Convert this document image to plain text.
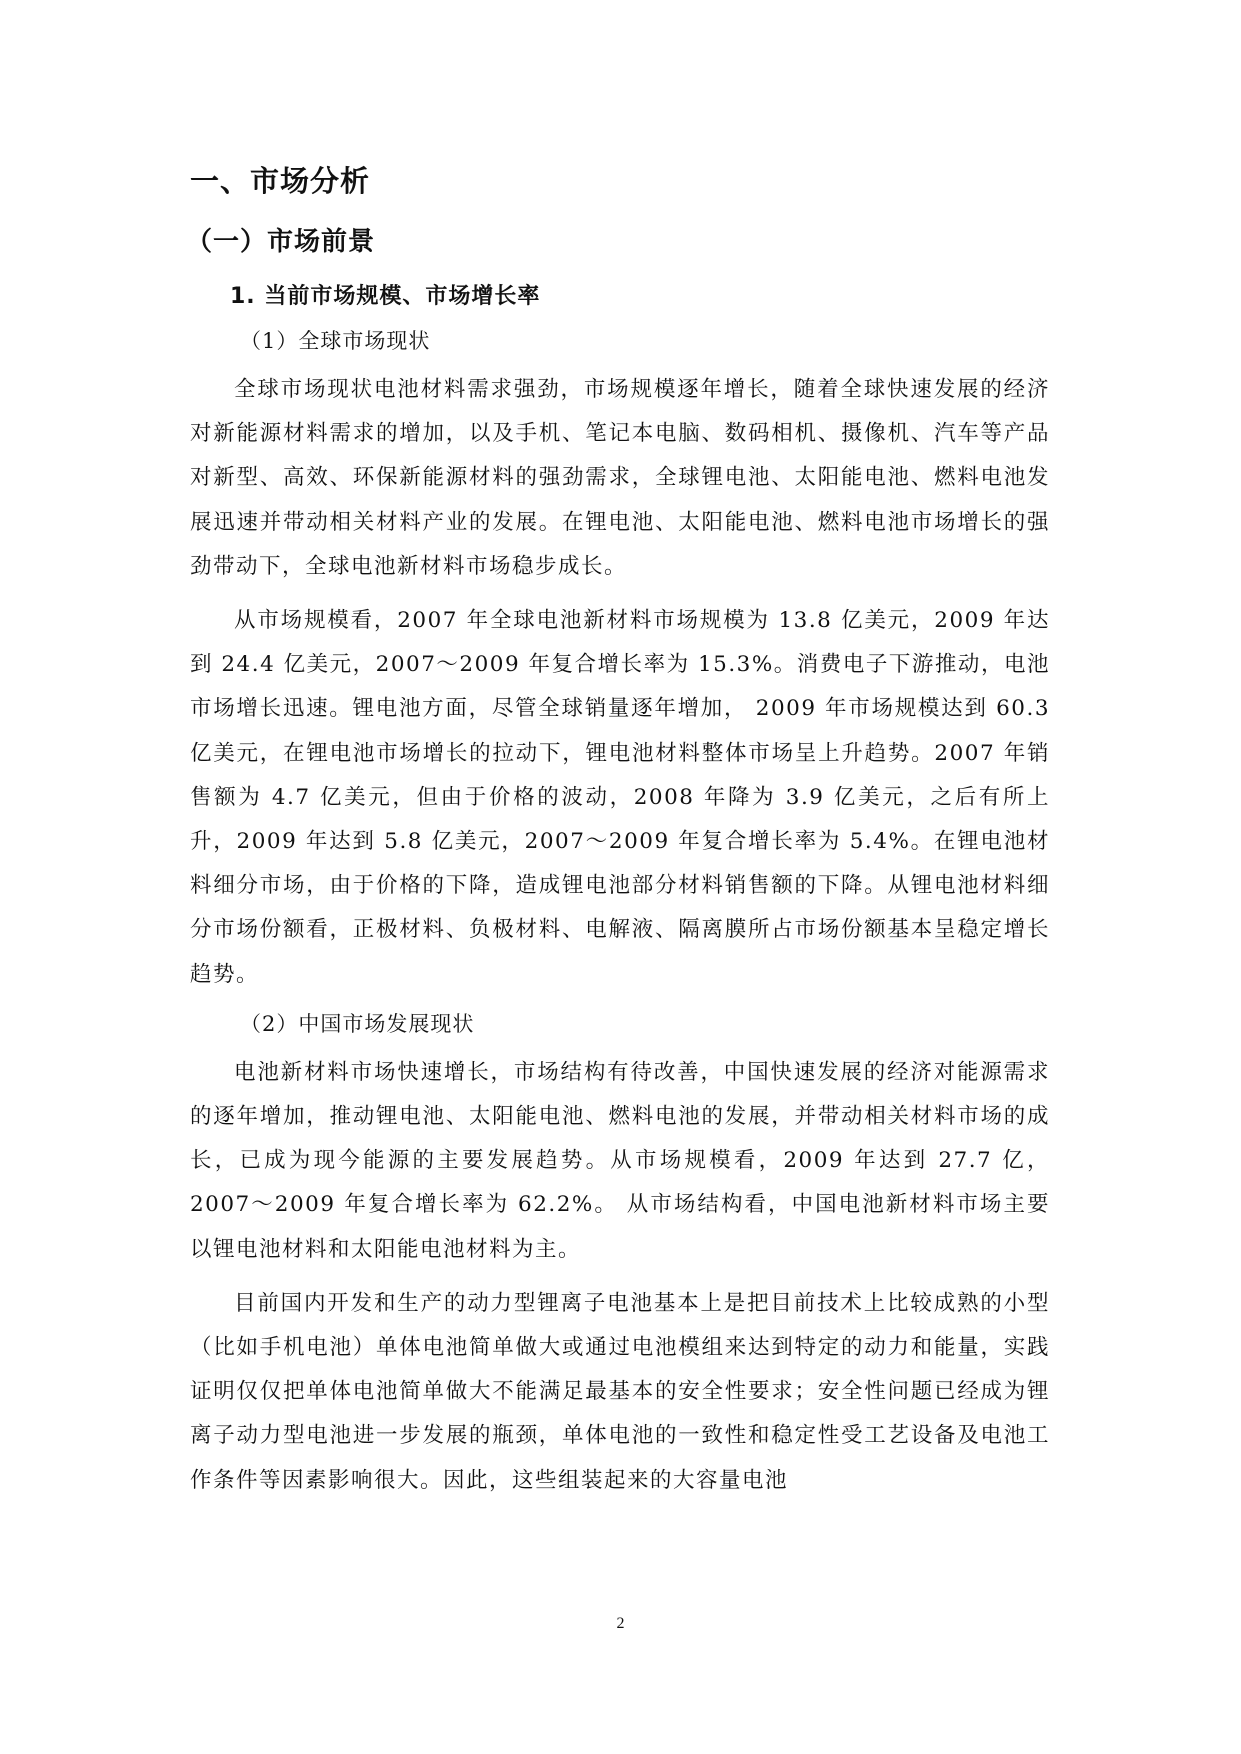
一、市场分析
（一）市场前景
1. 当前市场规模、市场增长率
（1）全球市场现状

全球市场现状电池材料需求强劲，市场规模逐年增长，随着全球快速发展的经济对新能源材料需求的增加，以及手机、笔记本电脑、数码相机、摄像机、汽车等产品对新型、高效、环保新能源材料的强劲需求，全球锂电池、太阳能电池、燃料电池发展迅速并带动相关材料产业的发展。在锂电池、太阳能电池、燃料电池市场增长的强劲带动下，全球电池新材料市场稳步成长。

从市场规模看，2007 年全球电池新材料市场规模为 13.8 亿美元，2009 年达到 24.4 亿美元，2007～2009 年复合增长率为 15.3%。消费电子下游推动，电池市场增长迅速。锂电池方面，尽管全球销量逐年增加， 2009 年市场规模达到 60.3 亿美元，在锂电池市场增长的拉动下，锂电池材料整体市场呈上升趋势。2007 年销售额为 4.7 亿美元，但由于价格的波动，2008 年降为 3.9 亿美元，之后有所上升，2009 年达到 5.8 亿美元，2007～2009 年复合增长率为 5.4%。在锂电池材料细分市场，由于价格的下降，造成锂电池部分材料销售额的下降。从锂电池材料细分市场份额看，正极材料、负极材料、电解液、隔离膜所占市场份额基本呈稳定增长趋势。

（2）中国市场发展现状

电池新材料市场快速增长，市场结构有待改善，中国快速发展的经济对能源需求的逐年增加，推动锂电池、太阳能电池、燃料电池的发展，并带动相关材料市场的成长，已成为现今能源的主要发展趋势。从市场规模看，2009 年达到 27.7 亿，2007～2009 年复合增长率为 62.2%。 从市场结构看，中国电池新材料市场主要以锂电池材料和太阳能电池材料为主。

目前国内开发和生产的动力型锂离子电池基本上是把目前技术上比较成熟的小型（比如手机电池）单体电池简单做大或通过电池模组来达到特定的动力和能量，实践证明仅仅把单体电池简单做大不能满足最基本的安全性要求；安全性问题已经成为锂离子动力型电池进一步发展的瓶颈，单体电池的一致性和稳定性受工艺设备及电池工作条件等因素影响很大。因此，这些组装起来的大容量电池

2
